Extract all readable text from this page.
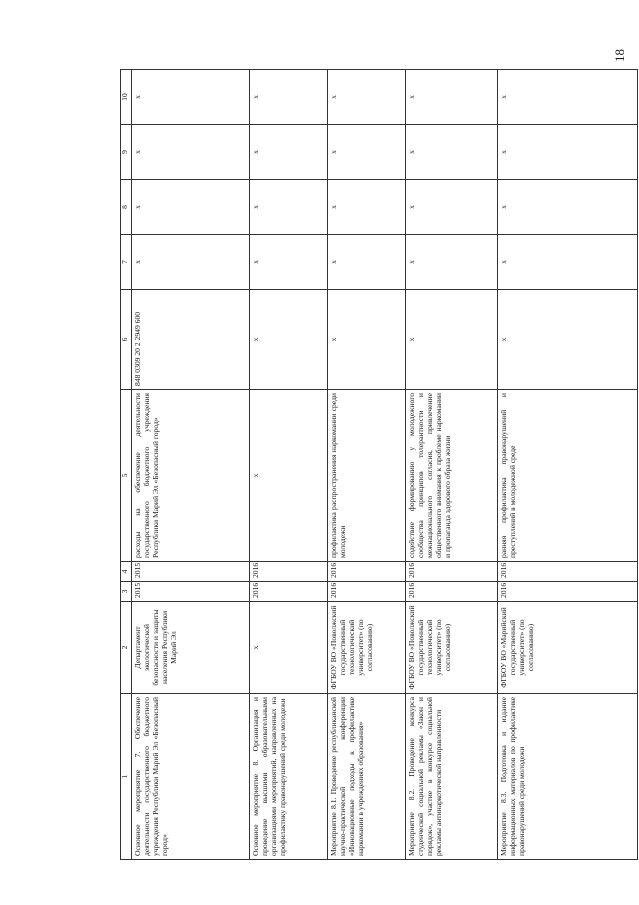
18
1	2	3	4	5	6	7	8	9	10
Основное мероприятие 7. Обеспечение деятельности государственного бюджетного учреждения Республики Марий Эл «Безопасный город»	Департамент экологической безопасности и защиты населения Республики Марий Эл	2015	2015	расходы на обеспечение деятельности государственного бюджетного учреждения Республики Марий Эл «Безопасный город»	848 0309 20 2 2949 600	х	х	х	х
Основное мероприятие 8. Организация и проведение высшими образовательными организациями мероприятий, направленных на профилактику правонарушений среди молодежи	х	2016	2016	х	х	х	х	х	х
Мероприятие 8.1. Проведение республиканской научно-практической конференции «Инновационные подходы к профилактике наркомании в учреждениях образования»	ФГБОУ ВО «Поволжский государственный технологический университет» (по согласованию)	2016	2016	профилактика распространения наркомании среди молодежи	х	х	х	х	х
Мероприятие 8.2. Проведение конкурса студенческой социальной рекламы «Закон и порядок», участие в конкурсе социальной рекламы антинаркотической направленности	ФГБОУ ВО «Поволжский государственный технологический университет» (по согласованию)	2016	2016	содействие формированию у молодежного сообщества принципов толерантности и межнационального согласия, привлечение общественного внимания к проблеме наркомании и пропаганда здорового образа жизни	х	х	х	х	х
Мероприятие 8.3. Подготовка и издание информационных материалов по профилактике правонарушений среди молодежи	ФГБОУ ВО «Марийский государственный университет» (по согласованию)	2016	2016	ранняя профилактика правонарушений и преступлений в молодежной среде	х	х	х	х	х
